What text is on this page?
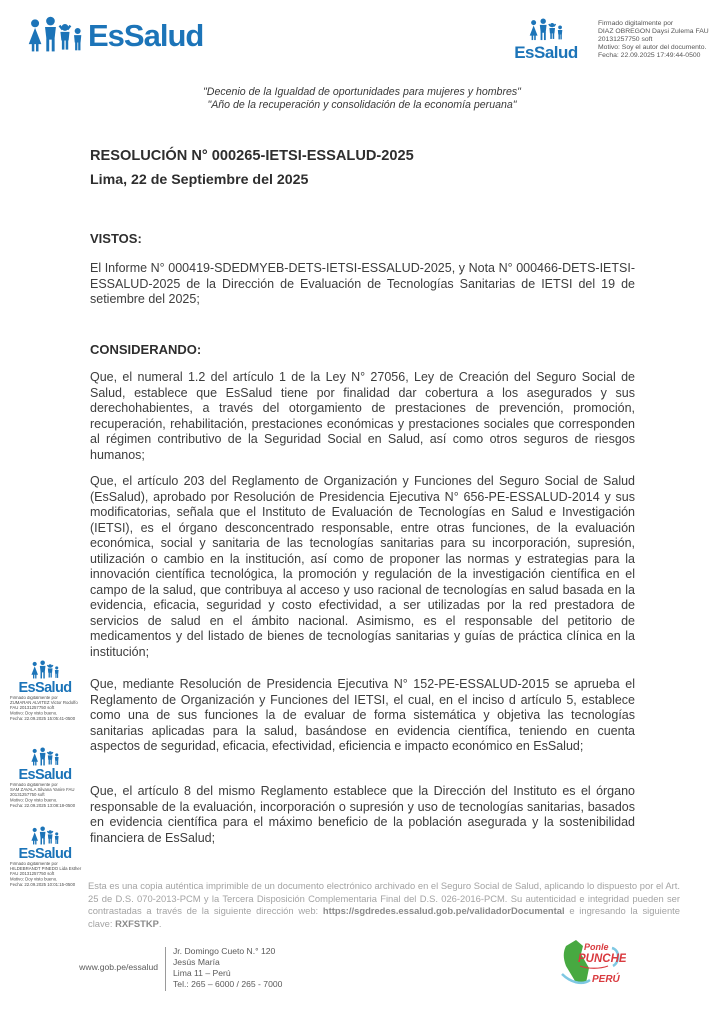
EsSalud	EsSalud
Firmado digitalmente por
DIAZ OBREGON Daysi Zulema FAU
20131257750 soft
Motivo: Soy el autor del documento.
Fecha: 22.09.2025 17:49:44-0500
"Decenio de la Igualdad de oportunidades para mujeres y hombres"
"Año de la recuperación y consolidación de la economía peruana"
RESOLUCIÓN N° 000265-IETSI-ESSALUD-2025
Lima, 22 de Septiembre del 2025
VISTOS:
El Informe N° 000419-SDEDMYEB-DETS-IETSI-ESSALUD-2025, y Nota N° 000466-DETS-IETSI-ESSALUD-2025 de la Dirección de Evaluación de Tecnologías Sanitarias de IETSI del 19 de setiembre del 2025;
CONSIDERANDO:
Que, el numeral 1.2 del artículo 1 de la Ley N° 27056, Ley de Creación del Seguro Social de Salud, establece que EsSalud tiene por finalidad dar cobertura a los asegurados y sus derechohabientes, a través del otorgamiento de prestaciones de prevención, promoción, recuperación, rehabilitación, prestaciones económicas y prestaciones sociales que corresponden al régimen contributivo de la Seguridad Social en Salud, así como otros seguros de riesgos humanos;
Que, el artículo 203 del Reglamento de Organización y Funciones del Seguro Social de Salud (EsSalud), aprobado por Resolución de Presidencia Ejecutiva N° 656-PE-ESSALUD-2014 y sus modificatorias, señala que el Instituto de Evaluación de Tecnologías en Salud e Investigación (IETSI), es el órgano desconcentrado responsable, entre otras funciones, de la evaluación económica, social y sanitaria de las tecnologías sanitarias para su incorporación, supresión, utilización o cambio en la institución, así como de proponer las normas y estrategias para la innovación científica tecnológica, la promoción y regulación de la investigación científica en el campo de la salud, que contribuya al acceso y uso racional de tecnologías en salud basada en la evidencia, eficacia, seguridad y costo efectividad, a ser utilizadas por la red prestadora de servicios de salud en el ámbito nacional. Asimismo, es el responsable del petitorio de medicamentos y del listado de bienes de tecnologías sanitarias y guías de práctica clínica en la institución;
Que, mediante Resolución de Presidencia Ejecutiva N° 152-PE-ESSALUD-2015 se aprueba el Reglamento de Organización y Funciones del IETSI, el cual, en el inciso d artículo 5, establece como una de sus funciones la de evaluar de forma sistemática y objetiva las tecnologías sanitarias aplicadas para la salud, basándose en evidencia científica, teniendo en cuenta aspectos de seguridad, eficacia, efectividad, eficiencia e impacto económico en EsSalud;
Que, el artículo 8 del mismo Reglamento establece que la Dirección del Instituto es el órgano responsable de la evaluación, incorporación o supresión y uso de tecnologías sanitarias, basados en evidencia científica para el máximo beneficio de la población asegurada y la sostenibilidad financiera de EsSalud;
EsSalud
Firmado digitalmente por
ZUMARAN ALVITEZ Victor Rodolfo
FAU 20131257750 soft
Motivo: Doy visto bueno.
Fecha: 22.09.2025 15:05:41-0500
EsSalud
Firmado digitalmente por
SAM ZAVALA Silvana Yanire FAU
20131257750 soft
Motivo: Doy visto bueno.
Fecha: 22.09.2025 13:08:18-0500
EsSalud
Firmado digitalmente por
HILDEBRANDT PINEDO Lida Esther
FAU 20131257750 soft
Motivo: Doy visto bueno.
Fecha: 22.09.2025 10:01:15-0500	Esta es una copia auténtica imprimible de un documento electrónico archivado en el Seguro Social de Salud, aplicando lo dispuesto por el Art. 25 de D.S. 070-2013-PCM y la Tercera Disposición Complementaria Final del D.S. 026-2016-PCM. Su autenticidad e integridad pueden ser contrastadas a través de la siguiente dirección web: https://sgdredes.essalud.gob.pe/validadorDocumental e ingresando la siguiente clave: RXFSTKP.
www.gob.pe/essalud
Jr. Domingo Cueto N.° 120
Jesús María
Lima 11 – Perú
Tel.: 265 – 6000 / 265 - 7000
Ponle
PUNCHE
PERÚ
